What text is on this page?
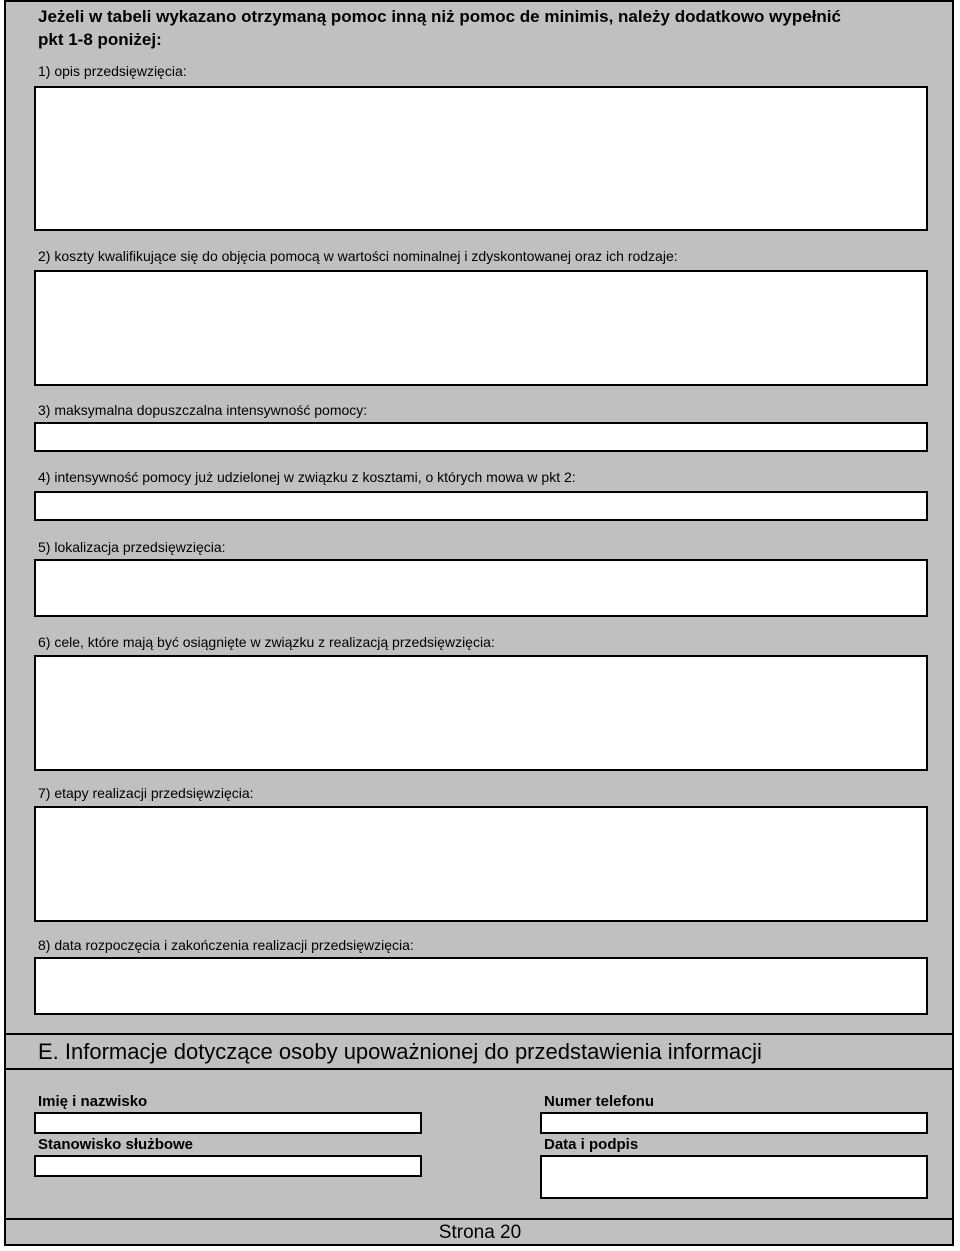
Jeżeli w tabeli wykazano otrzymaną pomoc inną niż pomoc de minimis, należy dodatkowo wypełnić
pkt 1-8 poniżej:
1) opis przedsięwzięcia:
2) koszty kwalifikujące się do objęcia pomocą w wartości nominalnej i zdyskontowanej oraz ich rodzaje:
3) maksymalna dopuszczalna intensywność pomocy:
4) intensywność pomocy już udzielonej w związku z kosztami, o których mowa w pkt 2:
5) lokalizacja przedsięwzięcia:
6) cele, które mają być osiągnięte w związku z realizacją przedsięwzięcia:
7) etapy realizacji przedsięwzięcia:
8) data rozpoczęcia i zakończenia realizacji przedsięwzięcia:
E. Informacje dotyczące osoby upoważnionej do przedstawienia informacji
Imię i nazwisko
Stanowisko służbowe
Numer telefonu
Data i podpis
Strona 20
